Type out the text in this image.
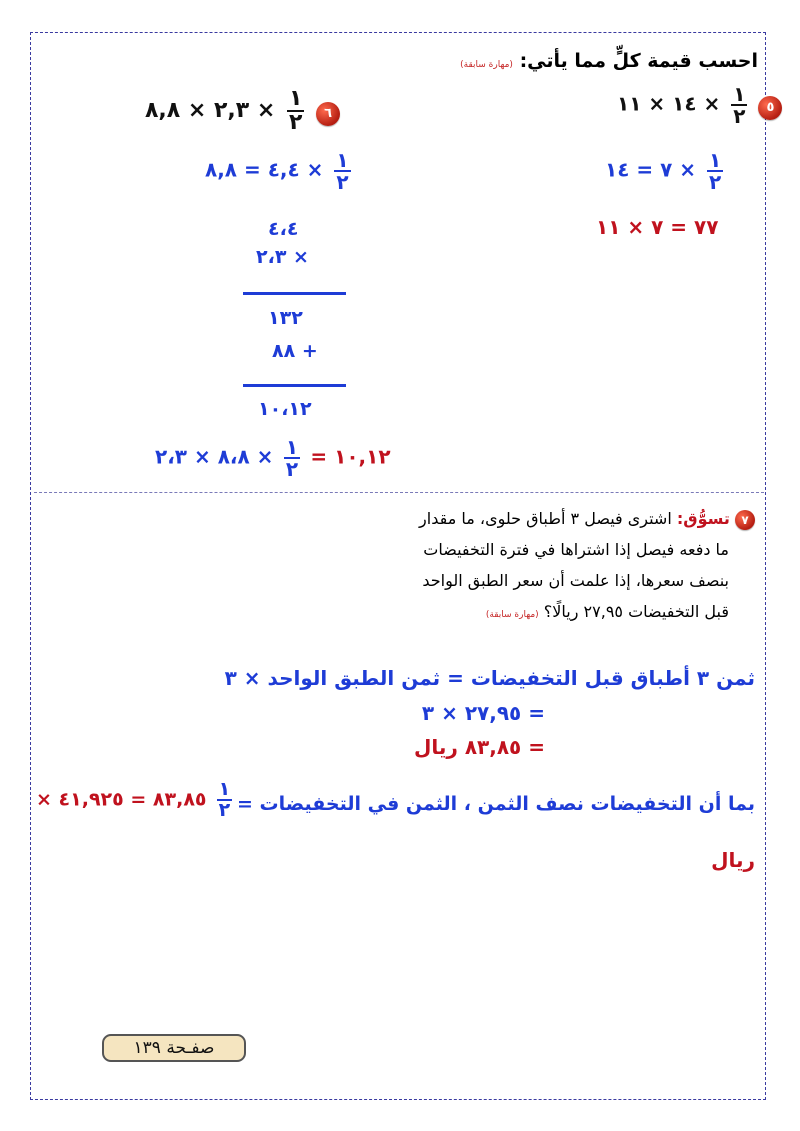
احسب قيمة كلٍّ مما يأتي: (مهارة سابقة)
١٤ × ١١ × $\frac{١}{٢}$ ٥
٢,٣ × ٨,٨ × $\frac{١}{٢}$ ٦
٧ = ١٤ × $\frac{١}{٢}$
٧٧ = ٧ × ١١
٤,٤ = ٨,٨ × $\frac{١}{٢}$
٤،٤
٢،٣ ×
١٣٢
٨٨ +
١٠،١٢
١٠,١٢ =
$\frac{١}{٢}$
× ٨،٨ × ٢،٣
٧ تسوُّق: اشترى فيصل ٣ أطباق حلوى، ما مقدار
ما دفعه فيصل إذا اشتراها في فترة التخفيضات
بنصف سعرها، إذا علمت أن سعر الطبق الواحد
قبل التخفيضات ٢٧,٩٥ ريالًا؟ (مهارة سابقة)
ثمن ٣ أطباق قبل التخفيضات = ثمن الطبق الواحد × ٣
= ٢٧,٩٥ × ٣
= ٨٣,٨٥ ريال
بما أن التخفيضات نصف الثمن ، الثمن في التخفيضات =
× ٨٣,٨٥ = ٤١,٩٢٥ $\frac{١}{٢}$
ريال
صفـحة ١٣٩
